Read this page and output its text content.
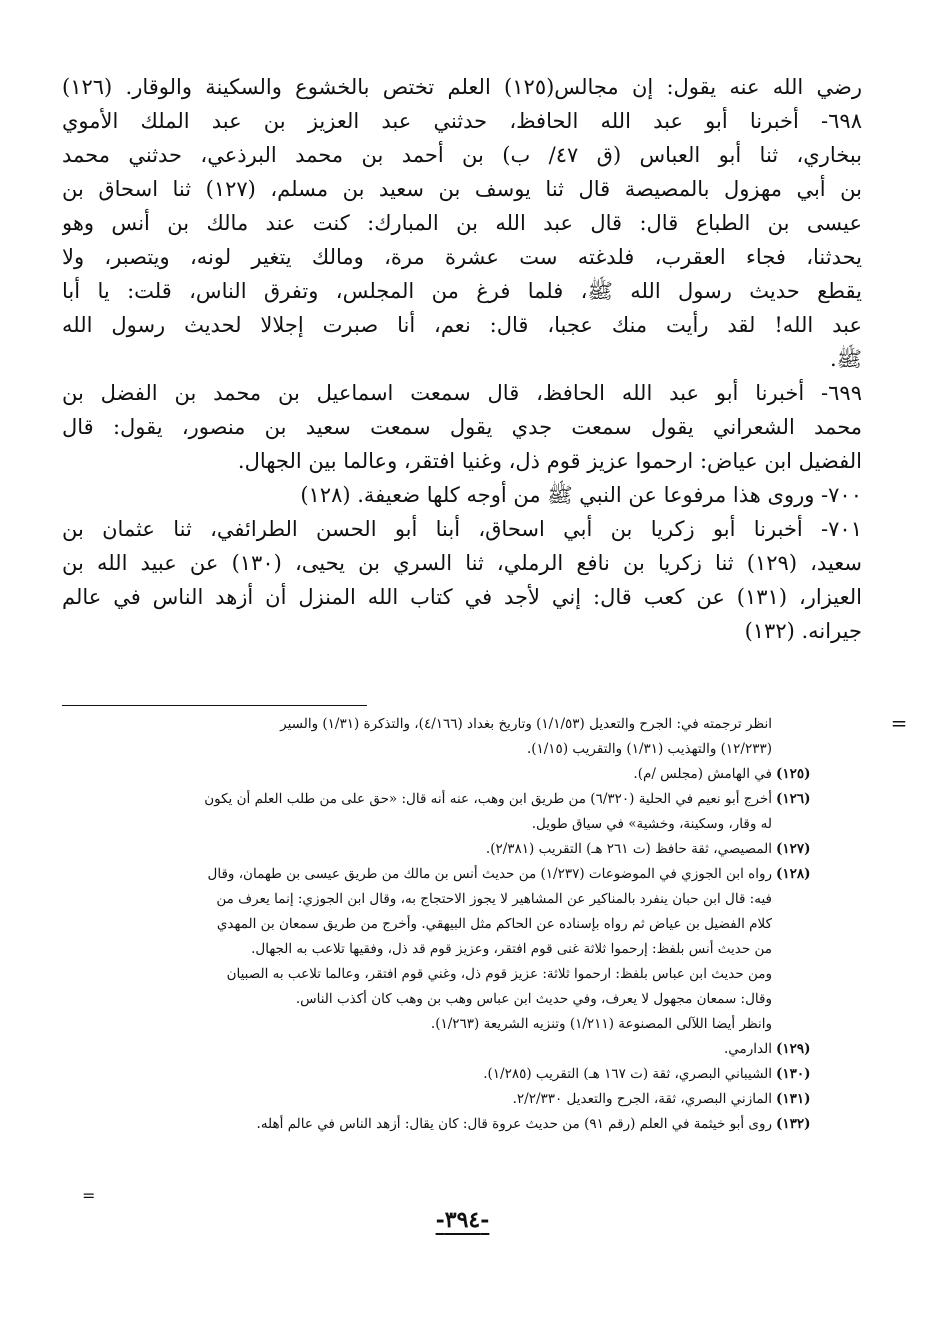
رضي الله عنه يقول: إن مجالس(١٢٥) العلم تختص بالخشوع والسكينة والوقار. (١٢٦)
٦٩٨- أخبرنا أبو عبد الله الحافظ، حدثني عبد العزيز بن عبد الملك الأموي
ببخاري، ثنا أبو العباس (ق ٤٧/ ب) بن أحمد بن محمد البرذعي، حدثني محمد
بن أبي مهزول بالمصيصة قال ثنا يوسف بن سعيد بن مسلم، (١٢٧) ثنا اسحاق بن
عيسى بن الطباع قال: قال عبد الله بن المبارك: كنت عند مالك بن أنس وهو
يحدثنا، فجاء العقرب، فلدغته ست عشرة مرة، ومالك يتغير لونه، ويتصبر، ولا
يقطع حديث رسول الله ﷺ، فلما فرغ من المجلس، وتفرق الناس، قلت: يا أبا
عبد الله! لقد رأيت منك عجبا، قال: نعم، أنا صبرت إجلالا لحديث رسول الله
ﷺ.
٦٩٩- أخبرنا أبو عبد الله الحافظ، قال سمعت اسماعيل بن محمد بن الفضل بن
محمد الشعراني يقول سمعت جدي يقول سمعت سعيد بن منصور، يقول: قال
الفضيل ابن عياض: ارحموا عزيز قوم ذل، وغنيا افتقر، وعالما بين الجهال.
٧٠٠- وروى هذا مرفوعا عن النبي ﷺ من أوجه كلها ضعيفة. (١٢٨)
٧٠١- أخبرنا أبو زكريا بن أبي اسحاق، أبنا أبو الحسن الطرائفي، ثنا عثمان بن
سعيد، (١٢٩) ثنا زكريا بن نافع الرملي، ثنا السري بن يحيى، (١٣٠) عن عبيد الله بن
العيزار، (١٣١) عن كعب قال: إني لأجد في كتاب الله المنزل أن أزهد الناس في عالم
جيرانه. (١٣٢)
=
انظر ترجمته في: الجرح والتعديل (١/١/٥٣) وتاريخ بغداد (٤/١٦٦)، والتذكرة (١/٣١) والسير
(١٢/٢٣٣) والتهذيب (١/٣١) والتقريب (١/١٥).
(١٢٥)
في الهامش (مجلس /م).
(١٢٦)
أخرج أبو نعيم في الحلية (٦/٣٢٠) من طريق ابن وهب، عنه أنه قال: «حق على من طلب العلم أن يكون
له وقار، وسكينة، وخشية» في سياق طويل.
(١٢٧)
المصيصي، ثقة حافظ (ت ٢٦١ هـ) التقريب (٢/٣٨١).
(١٢٨)
رواه ابن الجوزي في الموضوعات (١/٢٣٧) من حديث أنس بن مالك من طريق عيسى بن طهمان، وقال
فيه: قال ابن حبان ينفرد بالمناكير عن المشاهير لا يجوز الاحتجاج به، وقال ابن الجوزي: إنما يعرف من
كلام الفضيل بن عياض ثم رواه بإسناده عن الحاكم مثل البيهقي. وأخرج من طريق سمعان بن المهدي
من حديث أنس بلفظ: إرحموا ثلاثة غنى قوم افتقر، وعزيز قوم قد ذل، وفقيها تلاعب به الجهال.
ومن حديث ابن عباس بلفظ: ارحموا ثلاثة: عزيز قوم ذل، وغني قوم افتقر، وعالما تلاعب به الصبيان
وقال: سمعان مجهول لا يعرف، وفي حديث ابن عباس وهب بن وهب كان أكذب الناس.
وانظر أيضا اللآلى المصنوعة (١/٢١١) وتنزيه الشريعة (١/٢٦٣).
(١٢٩)
الدارمي.
(١٣٠)
الشيباني البصري، ثقة (ت ١٦٧ هـ) التقريب (١/٢٨٥).
(١٣١)
المازني البصري، ثقة، الجرح والتعديل ٢/٢/٣٣٠.
(١٣٢)
روى أبو خيثمة في العلم (رقم ٩١) من حديث عروة قال: كان يقال: أزهد الناس في عالم أهله.
=
-٣٩٤-
